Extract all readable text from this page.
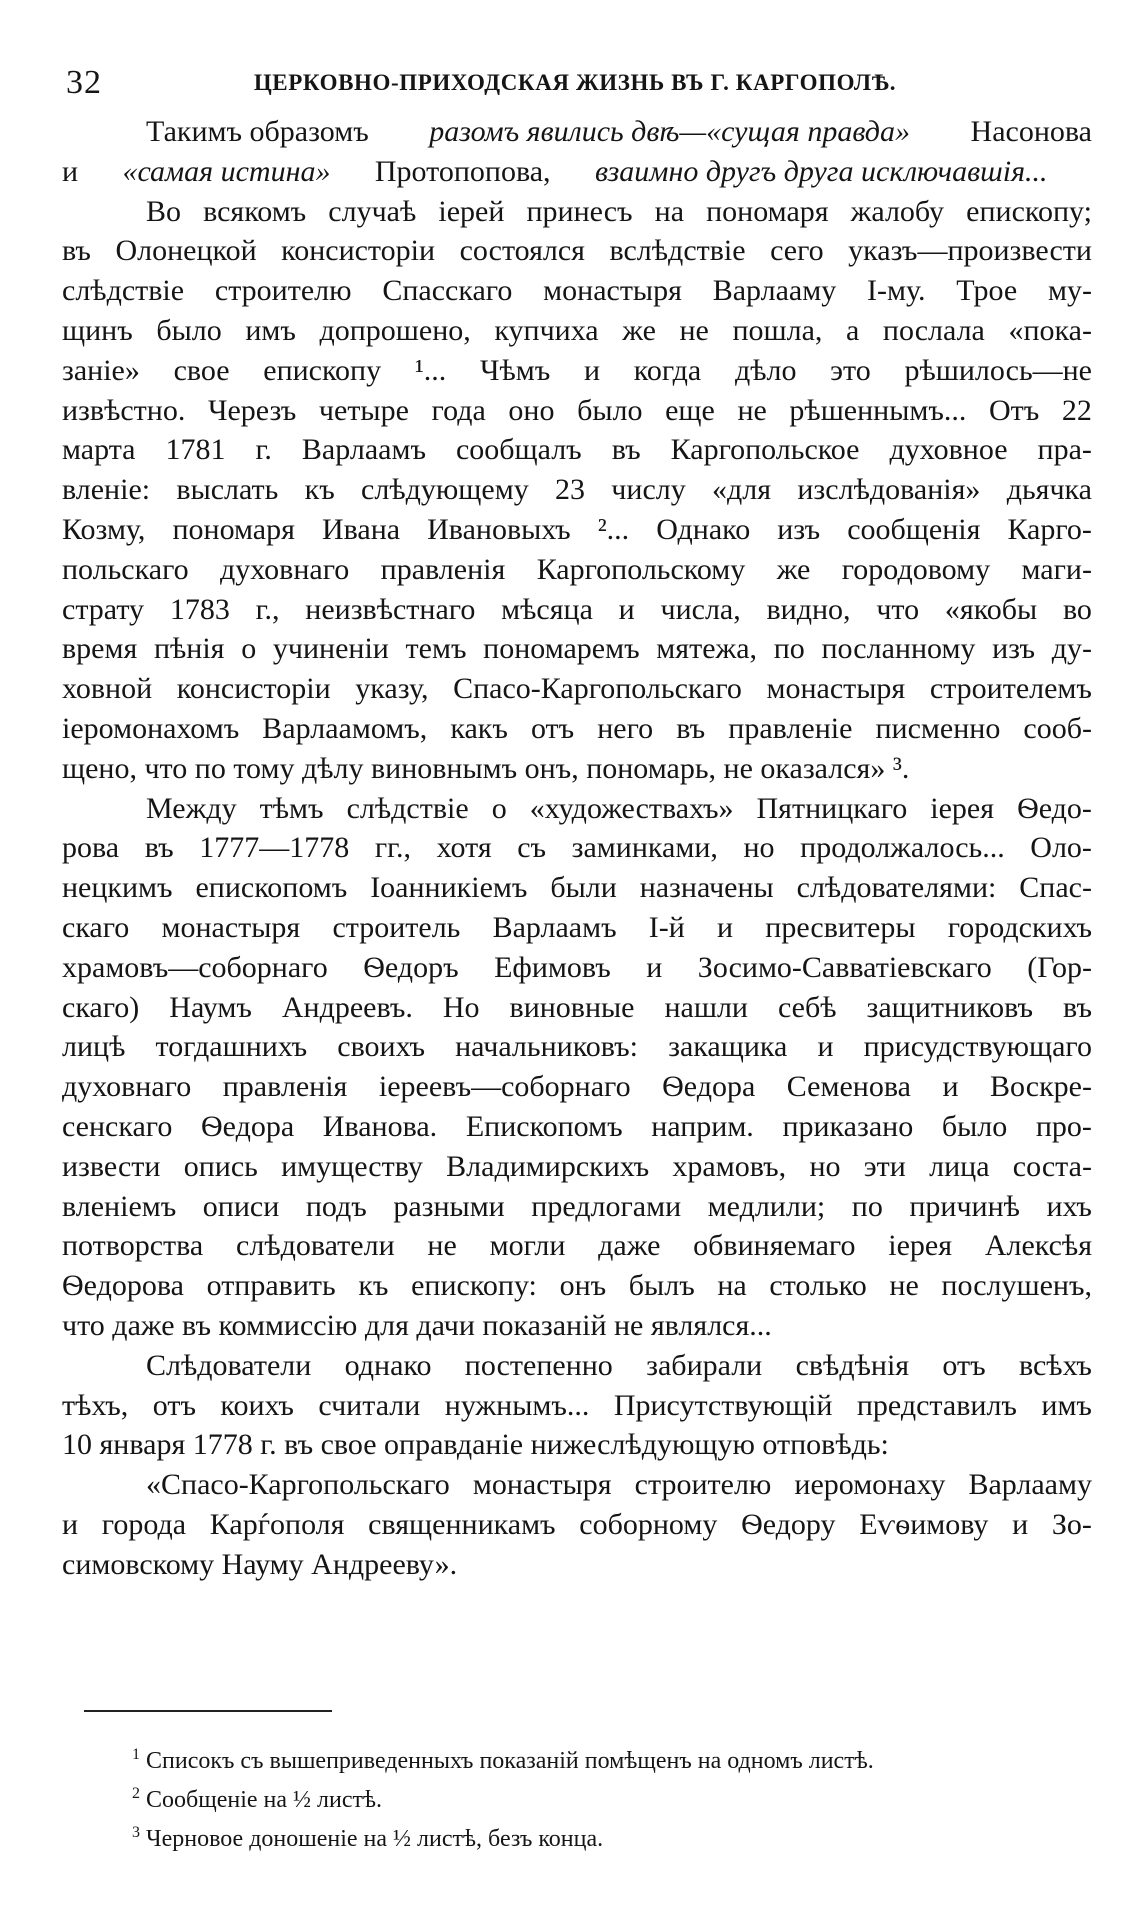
32	ЦЕРКОВНО-ПРИХОДСКАЯ ЖИЗНЬ ВЪ Г. КАРГОПОЛѢ.
Такимъ образомъ разомъ явились двѣ—«сущая правда» Насонова
и «самая истина» Протопопова, взаимно другъ друга исключавшія...
Во всякомъ случаѣ іерей принесъ на пономаря жалобу епископу;
въ Олонецкой консисторіи состоялся вслѣдствіе сего указъ—произвести
слѣдствіе строителю Спасскаго монастыря Варлааму І-му. Трое му-
щинъ было имъ допрошено, купчиха же не пошла, а послала «пока-
заніе» свое епископу ¹... Чѣмъ и когда дѣло это рѣшилось—не
извѣстно. Черезъ четыре года оно было еще не рѣшеннымъ... Отъ 22
марта 1781 г. Варлаамъ сообщалъ въ Каргопольское духовное пра-
вленіе: выслать къ слѣдующему 23 числу «для изслѣдованія» дьячка
Козму, пономаря Ивана Ивановыхъ ²... Однако изъ сообщенія Карго-
польскаго духовнаго правленія Каргопольскому же городовому маги-
страту 1783 г., неизвѣстнаго мѣсяца и числа, видно, что «якобы во
время пѣнія о учиненіи темъ пономаремъ мятежа, по посланному изъ ду-
ховной консисторіи указу, Спасо-Каргопольскаго монастыря строителемъ
іеромонахомъ Варлаамомъ, какъ отъ него въ правленіе писменно сооб-
щено, что по тому дѣлу виновнымъ онъ, пономарь, не оказался» ³.
Между тѣмъ слѣдствіе о «художествахъ» Пятницкаго іерея Ѳедо-
рова въ 1777—1778 гг., хотя съ заминками, но продолжалось... Оло-
нецкимъ епископомъ Іоанникіемъ были назначены слѣдователями: Спас-
скаго монастыря строитель Варлаамъ І-й и пресвитеры городскихъ
храмовъ—соборнаго Ѳедоръ Ефимовъ и Зосимо-Савватіевскаго (Гор-
скаго) Наумъ Андреевъ. Но виновные нашли себѣ защитниковъ въ
лицѣ тогдашнихъ своихъ начальниковъ: закащика и присудствующаго
духовнаго правленія іереевъ—соборнаго Ѳедора Семенова и Воскре-
сенскаго Ѳедора Иванова. Епископомъ наприм. приказано было про-
извести опись имуществу Владимирскихъ храмовъ, но эти лица соста-
вленіемъ описи подъ разными предлогами медлили; по причинѣ ихъ
потворства слѣдователи не могли даже обвиняемаго іерея Алексѣя
Ѳедорова отправить къ епископу: онъ былъ на столько не послушенъ,
что даже въ коммиссію для дачи показаній не являлся...
Слѣдователи однако постепенно забирали свѣдѣнія отъ всѣхъ
тѣхъ, отъ коихъ считали нужнымъ... Присутствующій представилъ имъ
10 января 1778 г. въ свое оправданіе нижеслѣдующую отповѣдь:
«Спасо-Каргопольскаго монастыря строителю иеромонаху Варлааму
и города Карѓополя священникамъ соборному Ѳедору Еѵѳимову и Зо-
симовскому Науму Андрееву».
$^1$ Списокъ съ вышеприведенныхъ показаній помѣщенъ на одномъ листѣ.
$^2$ Сообщеніе на ½ листѣ.
$^3$ Черновое доношеніе на ½ листѣ, безъ конца.
